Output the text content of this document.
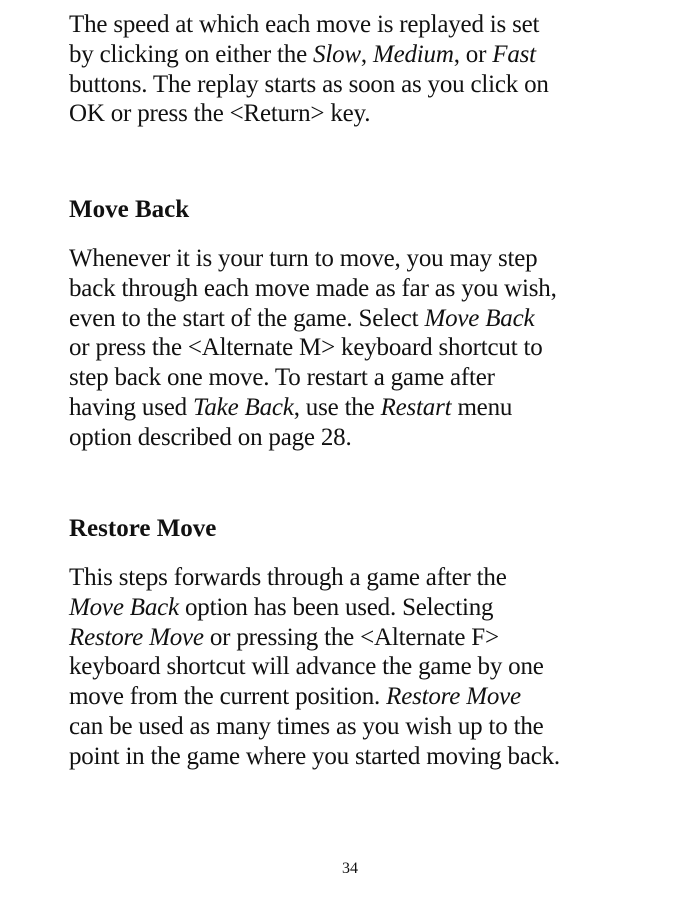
The speed at which each move is replayed is set
by clicking on either the Slow, Medium, or Fast
buttons. The replay starts as soon as you click on
OK or press the <Return> key.

Move Back

Whenever it is your turn to move, you may step
back through each move made as far as you wish,
even to the start of the game. Select Move Back
or press the <Alternate M> keyboard shortcut to
step back one move. To restart a game after
having used Take Back, use the Restart menu
option described on page 28.

Restore Move

This steps forwards through a game after the
Move Back option has been used. Selecting
Restore Move or pressing the <Alternate F>
keyboard shortcut will advance the game by one
move from the current position. Restore Move
can be used as many times as you wish up to the
point in the game where you started moving back.

34
